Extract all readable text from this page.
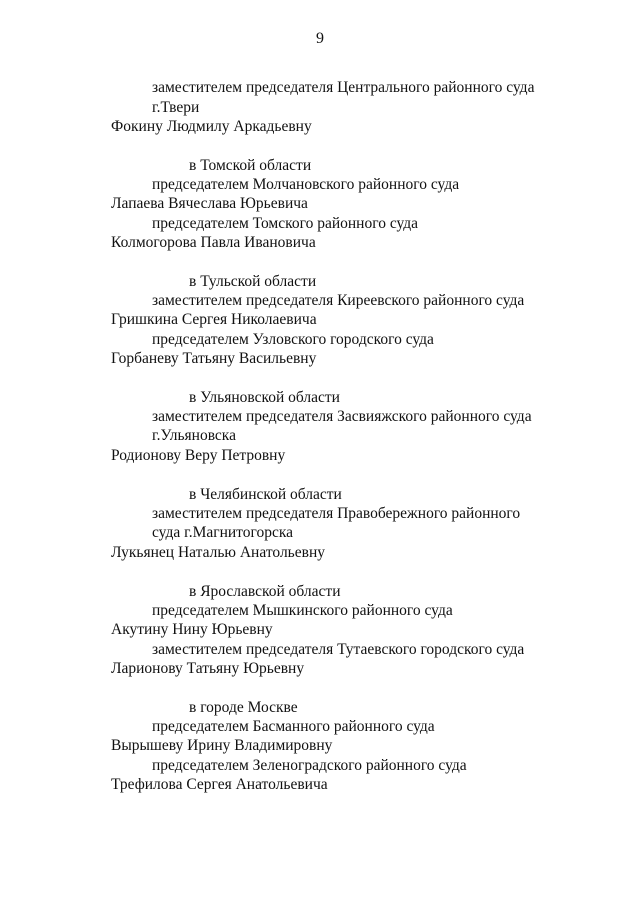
9
заместителем председателя Центрального районного суда
г.Твери
Фокину Людмилу Аркадьевну
в Томской области
председателем Молчановского районного суда
Лапаева Вячеслава Юрьевича
председателем Томского районного суда
Колмогорова Павла Ивановича
в Тульской области
заместителем председателя Киреевского районного суда
Гришкина Сергея Николаевича
председателем Узловского городского суда
Горбаневу Татьяну Васильевну
в Ульяновской области
заместителем председателя Засвияжского районного суда
г.Ульяновска
Родионову Веру Петровну
в Челябинской области
заместителем председателя Правобережного районного
суда г.Магнитогорска
Лукьянец Наталью Анатольевну
в Ярославской области
председателем Мышкинского районного суда
Акутину Нину Юрьевну
заместителем председателя Тутаевского городского суда
Ларионову Татьяну Юрьевну
в городе Москве
председателем Басманного районного суда
Вырышеву Ирину Владимировну
председателем Зеленоградского районного суда
Трефилова Сергея Анатольевича
